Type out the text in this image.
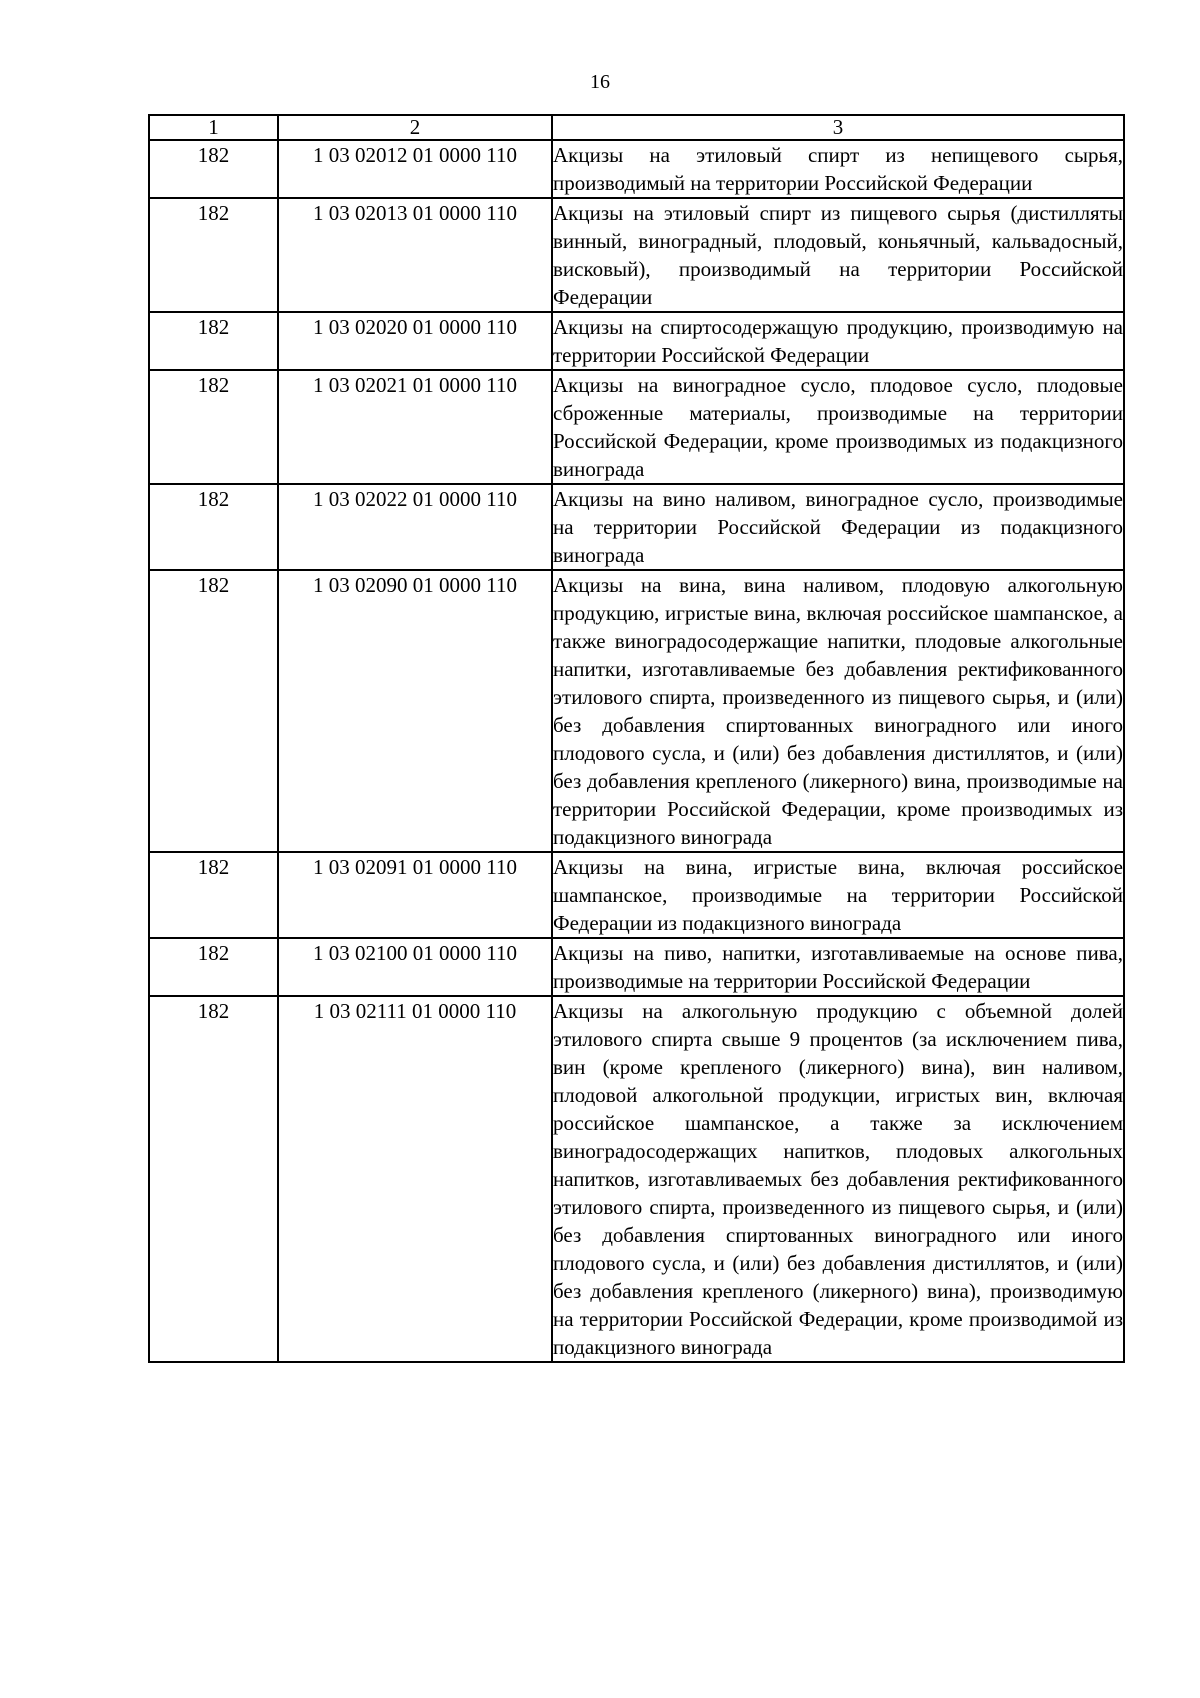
16
1	2	3
182	1 03 02012 01 0000 110	Акцизы на этиловый спирт из непищевого сырья, производимый на территории Российской Федерации
182	1 03 02013 01 0000 110	Акцизы на этиловый спирт из пищевого сырья (дистилляты винный, виноградный, плодовый, коньячный, кальвадосный, висковый), производимый на территории Российской Федерации
182	1 03 02020 01 0000 110	Акцизы на спиртосодержащую продукцию, производимую на территории Российской Федерации
182	1 03 02021 01 0000 110	Акцизы на виноградное сусло, плодовое сусло, плодовые сброженные материалы, производимые на территории Российской Федерации, кроме производимых из подакцизного винограда
182	1 03 02022 01 0000 110	Акцизы на вино наливом, виноградное сусло, производимые на территории Российской Федерации из подакцизного винограда
182	1 03 02090 01 0000 110	Акцизы на вина, вина наливом, плодовую алкогольную продукцию, игристые вина, включая российское шампанское, а также виноградосодержащие напитки, плодовые алкогольные напитки, изготавливаемые без добавления ректификованного этилового спирта, произведенного из пищевого сырья, и (или) без добавления спиртованных виноградного или иного плодового сусла, и (или) без добавления дистиллятов, и (или) без добавления крепленого (ликерного) вина, производимые на территории Российской Федерации, кроме производимых из подакцизного винограда
182	1 03 02091 01 0000 110	Акцизы на вина, игристые вина, включая российское шампанское, производимые на территории Российской Федерации из подакцизного винограда
182	1 03 02100 01 0000 110	Акцизы на пиво, напитки, изготавливаемые на основе пива, производимые на территории Российской Федерации
182	1 03 02111 01 0000 110	Акцизы на алкогольную продукцию с объемной долей этилового спирта свыше 9 процентов (за исключением пива, вин (кроме крепленого (ликерного) вина), вин наливом, плодовой алкогольной продукции, игристых вин, включая российское шампанское, а также за исключением виноградосодержащих напитков, плодовых алкогольных напитков, изготавливаемых без добавления ректификованного этилового спирта, произведенного из пищевого сырья, и (или) без добавления спиртованных виноградного или иного плодового сусла, и (или) без добавления дистиллятов, и (или) без добавления крепленого (ликерного) вина), производимую на территории Российской Федерации, кроме производимой из подакцизного винограда
